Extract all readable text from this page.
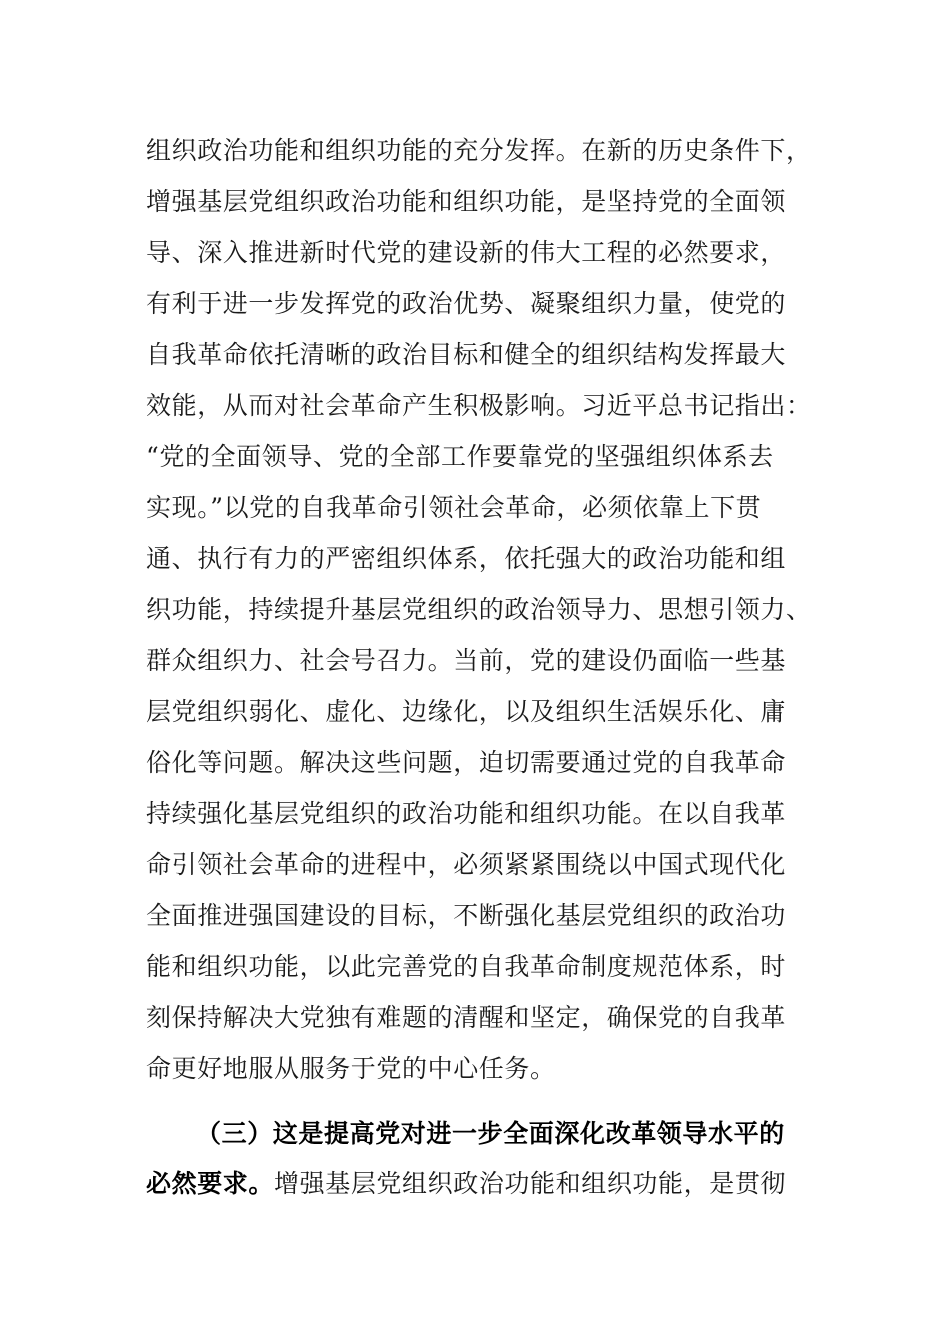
组织政治功能和组织功能的充分发挥。在新的历史条件下，
增强基层党组织政治功能和组织功能，是坚持党的全面领
导、深入推进新时代党的建设新的伟大工程的必然要求，
有利于进一步发挥党的政治优势、凝聚组织力量，使党的
自我革命依托清晰的政治目标和健全的组织结构发挥最大
效能，从而对社会革命产生积极影响。习近平总书记指出：
“党的全面领导、党的全部工作要靠党的坚强组织体系去
实现。”以党的自我革命引领社会革命，必须依靠上下贯
通、执行有力的严密组织体系，依托强大的政治功能和组
织功能，持续提升基层党组织的政治领导力、思想引领力、
群众组织力、社会号召力。当前，党的建设仍面临一些基
层党组织弱化、虚化、边缘化，以及组织生活娱乐化、庸
俗化等问题。解决这些问题，迫切需要通过党的自我革命
持续强化基层党组织的政治功能和组织功能。在以自我革
命引领社会革命的进程中，必须紧紧围绕以中国式现代化
全面推进强国建设的目标，不断强化基层党组织的政治功
能和组织功能，以此完善党的自我革命制度规范体系，时
刻保持解决大党独有难题的清醒和坚定，确保党的自我革
命更好地服从服务于党的中心任务。
（三）这是提高党对进一步全面深化改革领导水平的
必然要求。增强基层党组织政治功能和组织功能，是贯彻
